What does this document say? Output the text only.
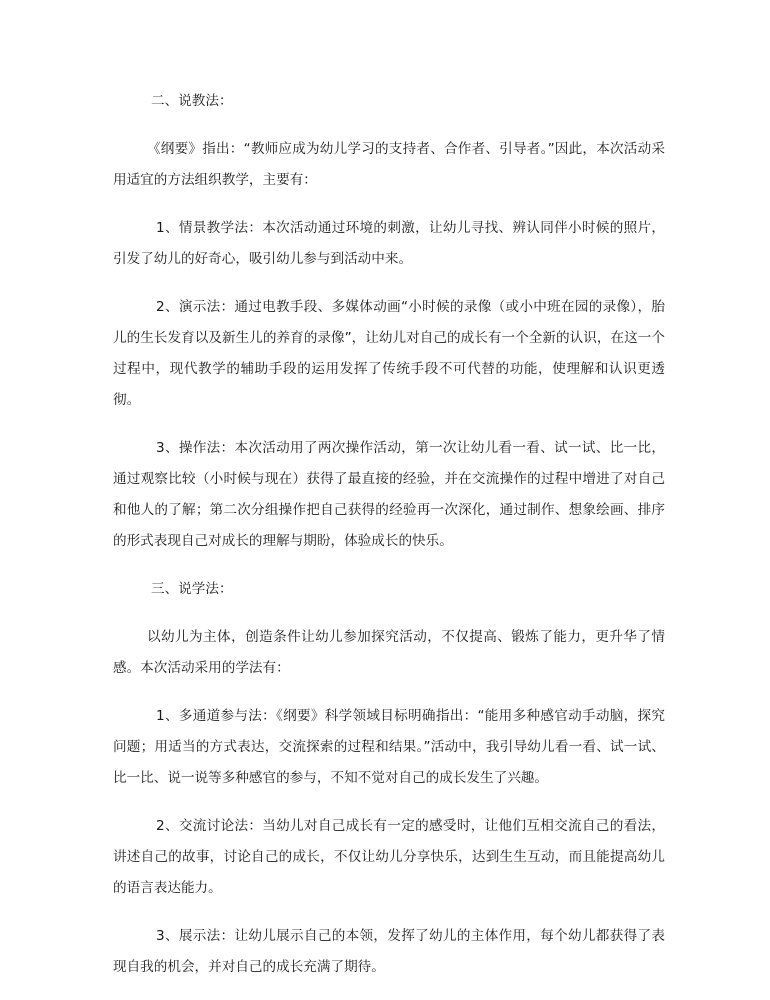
二、说教法：

《纲要》指出：“教师应成为幼儿学习的支持者、合作者、引导者。”因此，本次活动采用适宜的方法组织教学，主要有：

1、情景教学法：本次活动通过环境的刺激，让幼儿寻找、辨认同伴小时候的照片，引发了幼儿的好奇心，吸引幼儿参与到活动中来。

2、演示法：通过电教手段、多媒体动画“小时候的录像（或小中班在园的录像），胎儿的生长发育以及新生儿的养育的录像”，让幼儿对自己的成长有一个全新的认识，在这一个过程中，现代教学的辅助手段的运用发挥了传统手段不可代替的功能，使理解和认识更透彻。

3、操作法：本次活动用了两次操作活动，第一次让幼儿看一看、试一试、比一比，通过观察比较（小时候与现在）获得了最直接的经验，并在交流操作的过程中增进了对自己和他人的了解；第二次分组操作把自己获得的经验再一次深化，通过制作、想象绘画、排序的形式表现自己对成长的理解与期盼，体验成长的快乐。

三、说学法：

以幼儿为主体，创造条件让幼儿参加探究活动，不仅提高、锻炼了能力，更升华了情感。本次活动采用的学法有：

1、多通道参与法：《纲要》科学领域目标明确指出：“能用多种感官动手动脑，探究问题；用适当的方式表达，交流探索的过程和结果。”活动中，我引导幼儿看一看、试一试、比一比、说一说等多种感官的参与，不知不觉对自己的成长发生了兴趣。

2、交流讨论法：当幼儿对自己成长有一定的感受时，让他们互相交流自己的看法，讲述自己的故事，讨论自己的成长，不仅让幼儿分享快乐，达到生生互动，而且能提高幼儿的语言表达能力。

3、展示法：让幼儿展示自己的本领，发挥了幼儿的主体作用，每个幼儿都获得了表现自我的机会，并对自己的成长充满了期待。
